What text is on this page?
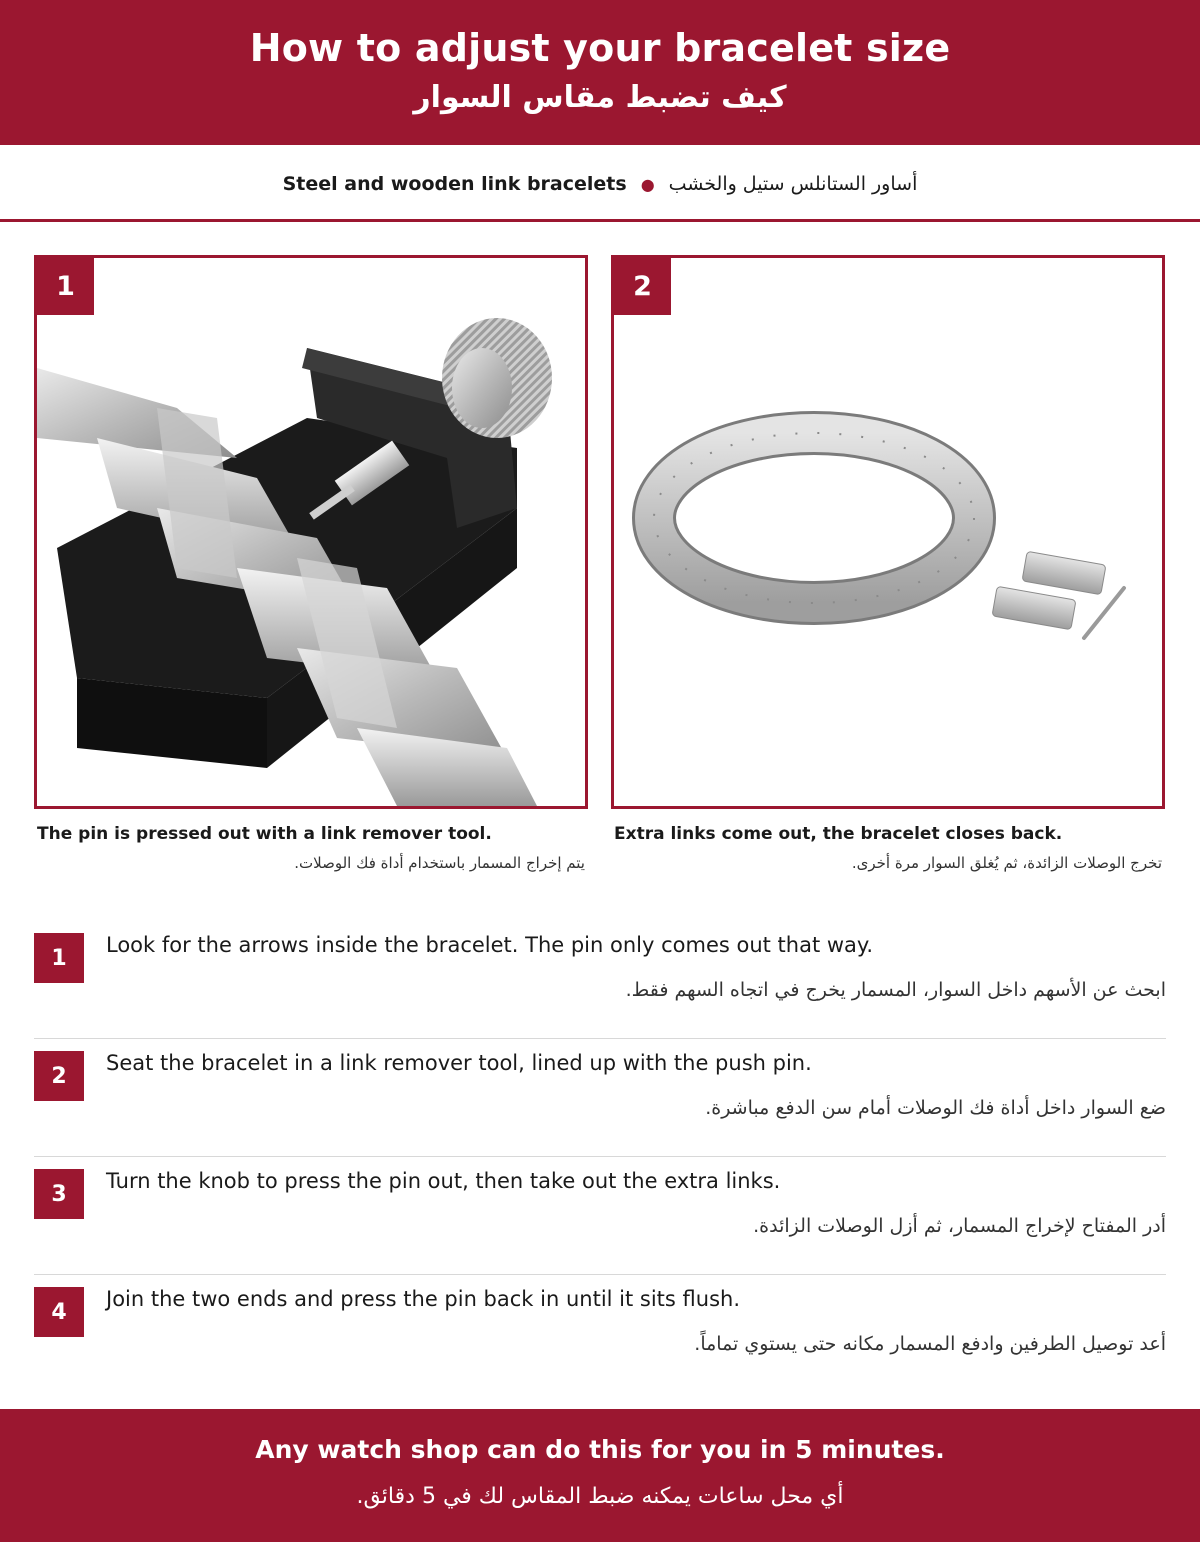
How to adjust your bracelet size
كيف تضبط مقاس السوار
Steel and wooden link bracelets ● أساور الستانلس ستيل والخشب
1	2
The pin is pressed out with a link remover tool.
يتم إخراج المسمار باستخدام أداة فك الوصلات.
Extra links come out, the bracelet closes back.
تخرج الوصلات الزائدة، ثم يُغلق السوار مرة أخرى.
1
Look for the arrows inside the bracelet. The pin only comes out that way.
ابحث عن الأسهم داخل السوار، المسمار يخرج في اتجاه السهم فقط.
2
Seat the bracelet in a link remover tool, lined up with the push pin.
ضع السوار داخل أداة فك الوصلات أمام سن الدفع مباشرة.
3
Turn the knob to press the pin out, then take out the extra links.
أدر المفتاح لإخراج المسمار، ثم أزل الوصلات الزائدة.
4
Join the two ends and press the pin back in until it sits flush.
أعد توصيل الطرفين وادفع المسمار مكانه حتى يستوي تماماً.
Any watch shop can do this for you in 5 minutes.
أي محل ساعات يمكنه ضبط المقاس لك في 5 دقائق.
